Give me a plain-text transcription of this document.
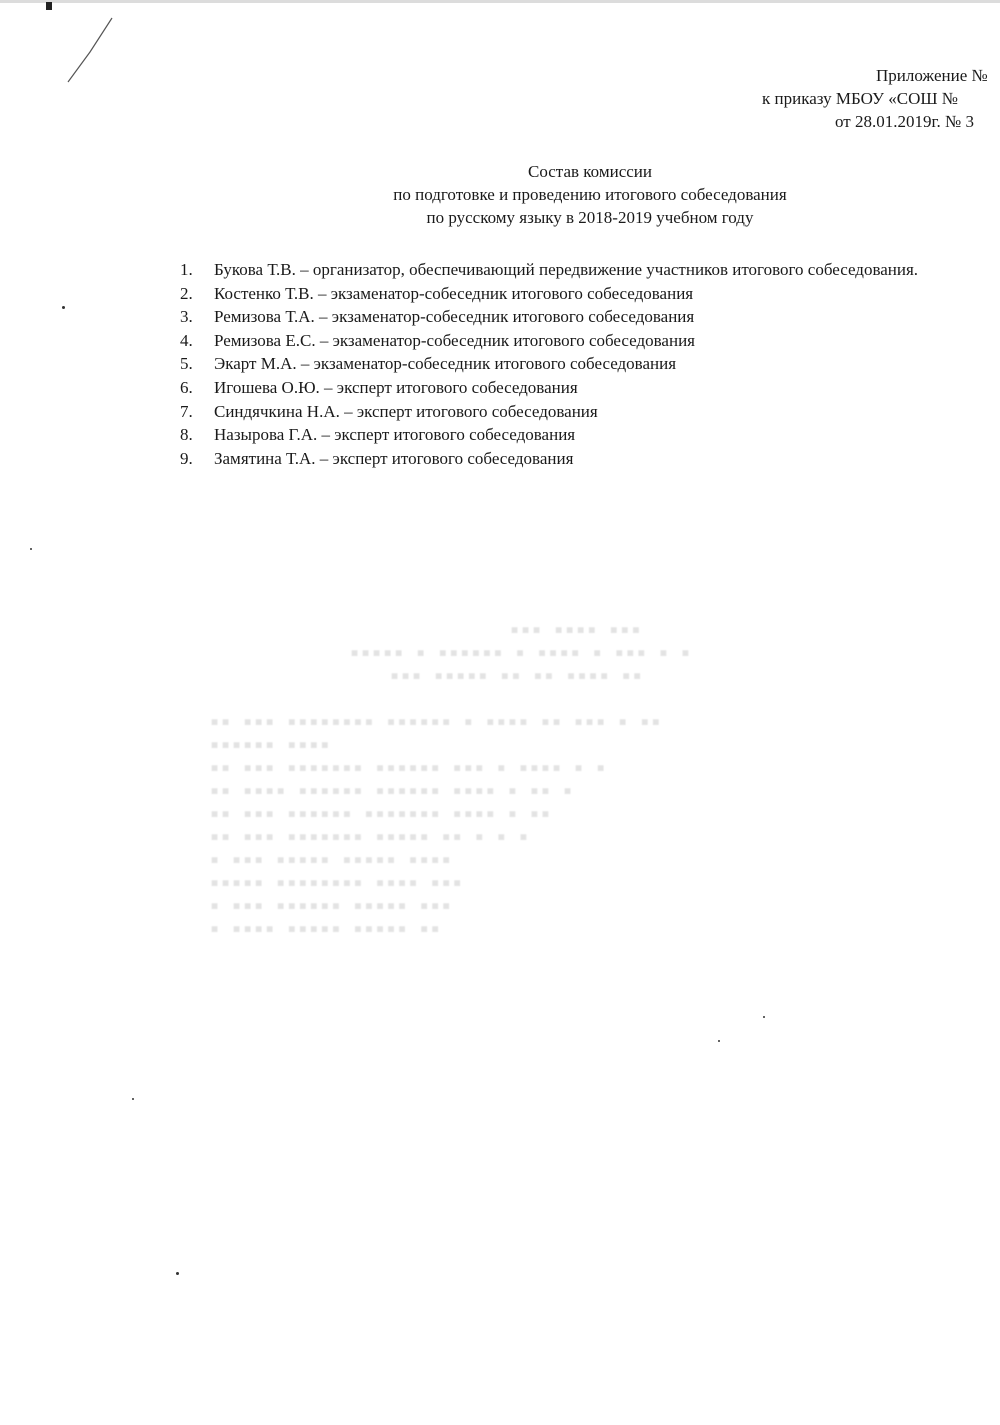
Приложение №
к приказу МБОУ «СОШ №
от 28.01.2019г. № 3
Состав комиссии
по подготовке и проведению итогового собеседования
по русскому языку в 2018-2019 учебном году
1. Букова Т.В. – организатор, обеспечивающий передвижение участников итогового собеседования.
2. Костенко Т.В. – экзаменатор-собеседник итогового собеседования
3. Ремизова Т.А. – экзаменатор-собеседник итогового собеседования
4. Ремизова Е.С. – экзаменатор-собеседник итогового собеседования
5. Экарт М.А. – экзаменатор-собеседник итогового собеседования
6. Игошева О.Ю. – эксперт итогового собеседования
7. Синдячкина Н.А. – эксперт итогового собеседования
8. Назырова Г.А. – эксперт итогового собеседования
9. Замятина Т.А. – эксперт итогового собеседования
▪▪▪ ▪▪▪▪ ▪▪▪
▪▪▪▪▪ ▪ ▪▪▪▪▪▪ ▪ ▪▪▪▪ ▪ ▪▪▪ ▪ ▪
▪▪▪ ▪▪▪▪▪ ▪▪ ▪▪ ▪▪▪▪ ▪▪

▪▪ ▪▪▪ ▪▪▪▪▪▪▪▪ ▪▪▪▪▪▪ ▪ ▪▪▪▪ ▪▪ ▪▪▪ ▪ ▪▪
▪▪▪▪▪▪ ▪▪▪▪
▪▪ ▪▪▪ ▪▪▪▪▪▪▪ ▪▪▪▪▪▪ ▪▪▪ ▪ ▪▪▪▪ ▪ ▪
▪▪ ▪▪▪▪ ▪▪▪▪▪▪ ▪▪▪▪▪▪ ▪▪▪▪ ▪ ▪▪ ▪
▪▪ ▪▪▪ ▪▪▪▪▪▪ ▪▪▪▪▪▪▪ ▪▪▪▪ ▪ ▪▪
▪▪ ▪▪▪ ▪▪▪▪▪▪▪ ▪▪▪▪▪ ▪▪ ▪ ▪ ▪
▪ ▪▪▪ ▪▪▪▪▪ ▪▪▪▪▪ ▪▪▪▪
▪▪▪▪▪ ▪▪▪▪▪▪▪▪ ▪▪▪▪ ▪▪▪
▪ ▪▪▪ ▪▪▪▪▪▪ ▪▪▪▪▪ ▪▪▪
▪ ▪▪▪▪ ▪▪▪▪▪ ▪▪▪▪▪ ▪▪
